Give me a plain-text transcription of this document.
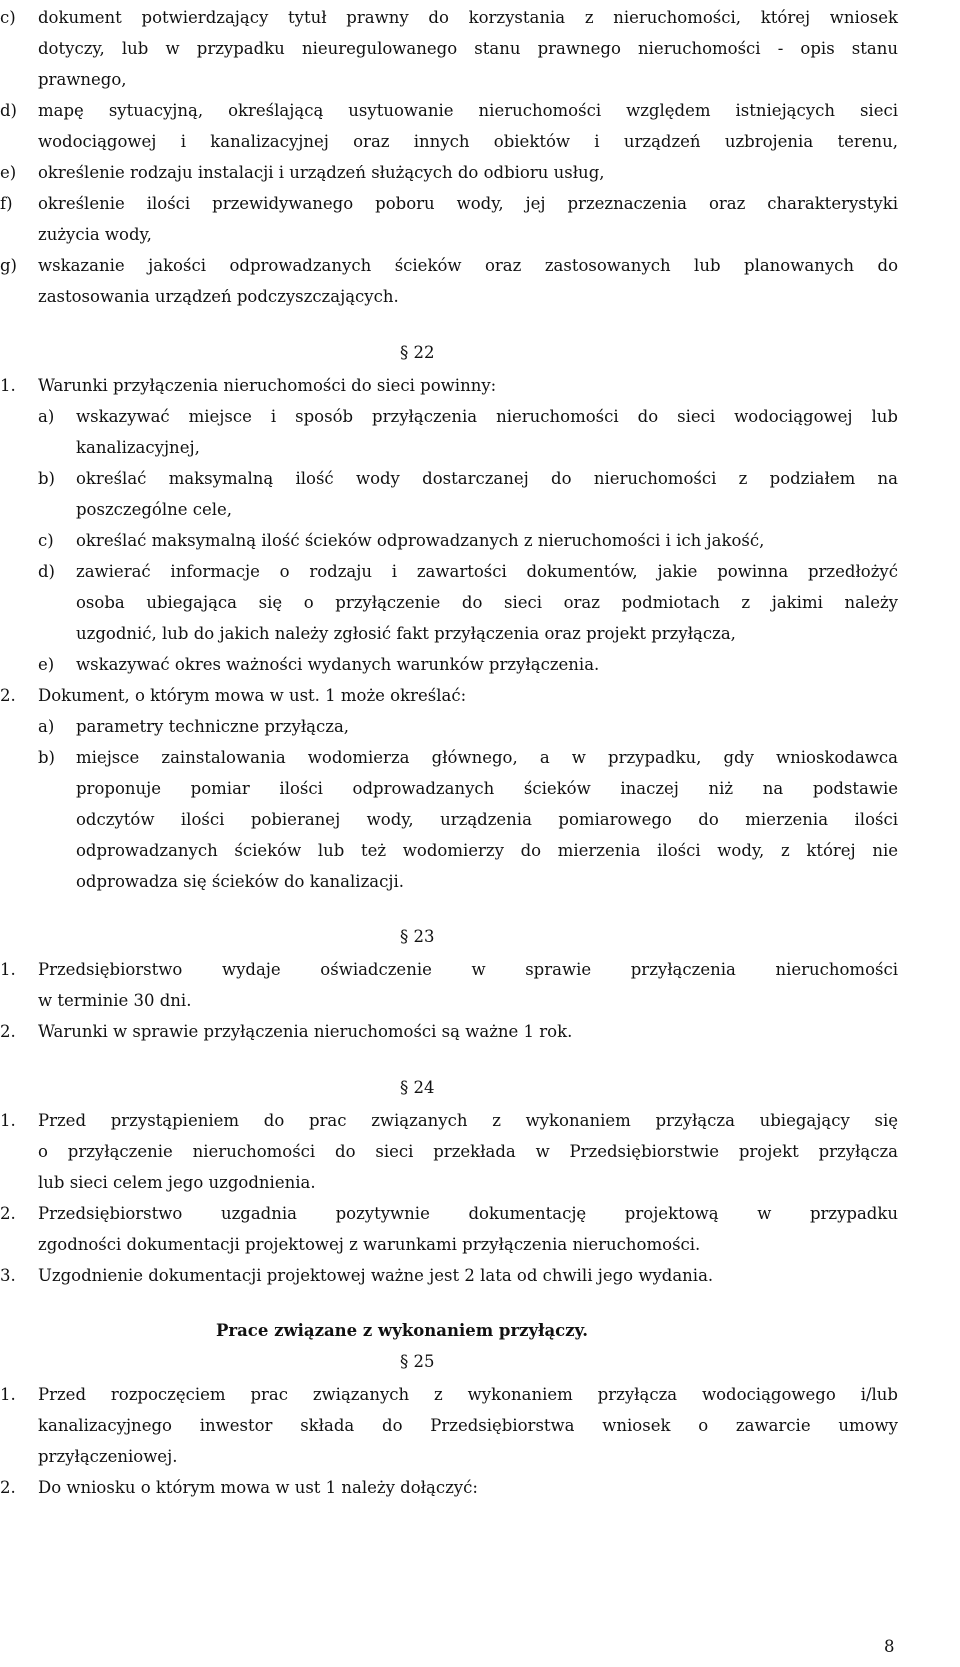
c) dokument potwierdzający tytuł prawny do korzystania z nieruchomości, której wniosek
dotyczy, lub w przypadku nieuregulowanego stanu prawnego nieruchomości - opis stanu
prawnego,
d) mapę sytuacyjną, określającą usytuowanie nieruchomości względem istniejących sieci
wodociągowej i kanalizacyjnej oraz innych obiektów i urządzeń uzbrojenia terenu,
e) określenie rodzaju instalacji i urządzeń służących do odbioru usług,
f) określenie ilości przewidywanego poboru wody, jej przeznaczenia oraz charakterystyki
zużycia wody,
g) wskazanie jakości odprowadzanych ścieków oraz zastosowanych lub planowanych do
zastosowania urządzeń podczyszczających.
§ 22
1. Warunki przyłączenia nieruchomości do sieci powinny:
a) wskazywać miejsce i sposób przyłączenia nieruchomości do sieci wodociągowej lub
kanalizacyjnej,
b) określać maksymalną ilość wody dostarczanej do nieruchomości z podziałem na
poszczególne cele,
c) określać maksymalną ilość ścieków odprowadzanych z nieruchomości i ich jakość,
d) zawierać informacje o rodzaju i zawartości dokumentów, jakie powinna przedłożyć
osoba ubiegająca się o przyłączenie do sieci oraz podmiotach z jakimi należy
uzgodnić, lub do jakich należy zgłosić fakt przyłączenia oraz projekt przyłącza,
e) wskazywać okres ważności wydanych warunków przyłączenia.
2. Dokument, o którym mowa w ust. 1 może określać:
a) parametry techniczne przyłącza,
b) miejsce zainstalowania wodomierza głównego, a w przypadku, gdy wnioskodawca
proponuje pomiar ilości odprowadzanych ścieków inaczej niż na podstawie
odczytów ilości pobieranej wody, urządzenia pomiarowego do mierzenia ilości
odprowadzanych ścieków lub też wodomierzy do mierzenia ilości wody, z której nie
odprowadza się ścieków do kanalizacji.
§ 23
1. Przedsiębiorstwo wydaje oświadczenie w sprawie przyłączenia nieruchomości
w terminie 30 dni.
2. Warunki w sprawie przyłączenia nieruchomości są ważne 1 rok.
§ 24
1. Przed przystąpieniem do prac związanych z wykonaniem przyłącza ubiegający się
o przyłączenie nieruchomości do sieci przekłada w Przedsiębiorstwie projekt przyłącza
lub sieci celem jego uzgodnienia.
2. Przedsiębiorstwo uzgadnia pozytywnie dokumentację projektową w przypadku
zgodności dokumentacji projektowej z warunkami przyłączenia nieruchomości.
3. Uzgodnienie dokumentacji projektowej ważne jest 2 lata od chwili jego wydania.
Prace związane z wykonaniem przyłączy.
§ 25
1. Przed rozpoczęciem prac związanych z wykonaniem przyłącza wodociągowego i/lub
kanalizacyjnego inwestor składa do Przedsiębiorstwa wniosek o zawarcie umowy
przyłączeniowej.
2. Do wniosku o którym mowa w ust 1 należy dołączyć:
8
